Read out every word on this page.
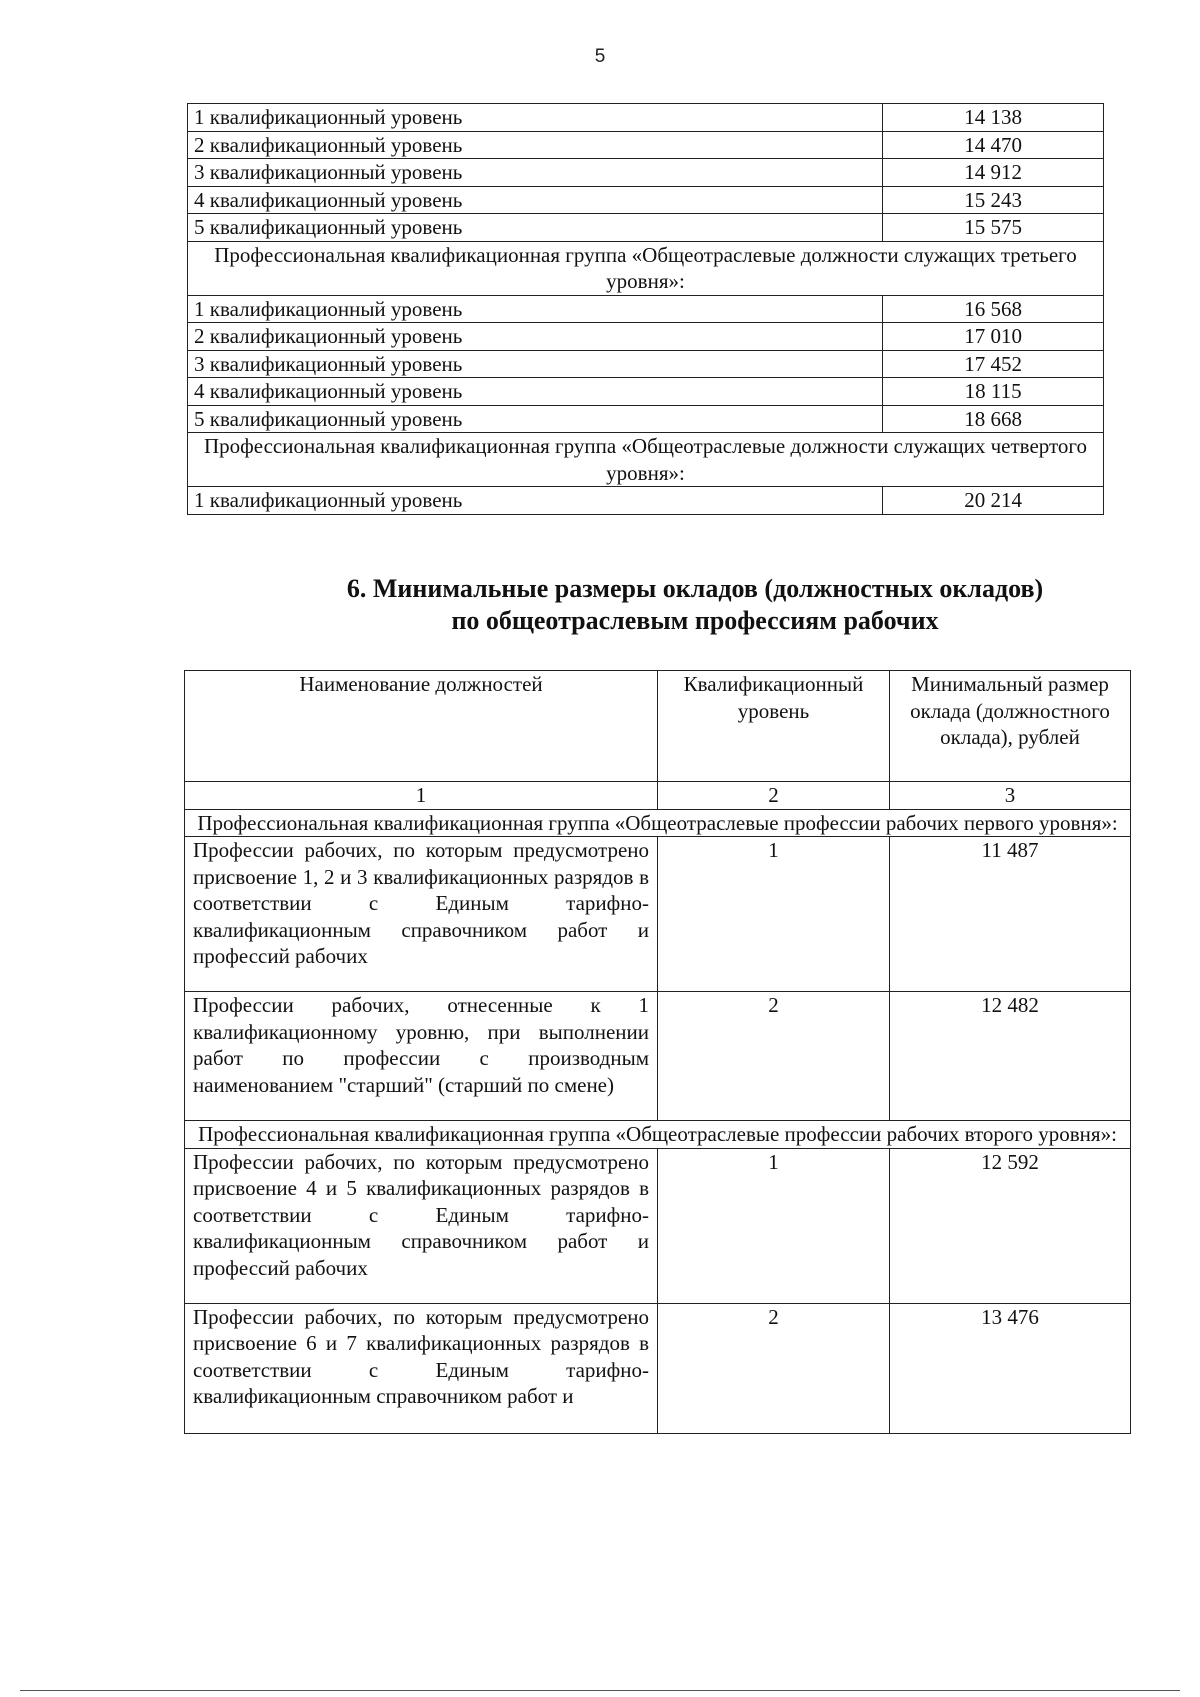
5
1 квалификационный уровень	14 138
2 квалификационный уровень	14 470
3 квалификационный уровень	14 912
4 квалификационный уровень	15 243
5 квалификационный уровень	15 575
Профессиональная квалификационная группа «Общеотраслевые должности служащих третьего уровня»:	
1 квалификационный уровень	16 568
2 квалификационный уровень	17 010
3 квалификационный уровень	17 452
4 квалификационный уровень	18 115
5 квалификационный уровень	18 668
Профессиональная квалификационная группа «Общеотраслевые должности служащих четвертого уровня»:	
1 квалификационный уровень	20 214
6. Минимальные размеры окладов (должностных окладов)
по общеотраслевым профессиям рабочих
Наименование должностей	Квалификационный уровень	Минимальный размер оклада (должностного оклада), рублей
1	2	3
Профессиональная квалификационная группа «Общеотраслевые профессии рабочих первого уровня»:		
Профессии рабочих, по которым предусмотрено присвоение 1, 2 и 3 квалификационных разрядов в соответствии с Единым тарифно-квалификационным справочником работ и профессий рабочих	1	11 487
Профессии рабочих, отнесенные к 1 квалификационному уровню, при выполнении работ по профессии с производным наименованием "старший" (старший по смене)	2	12 482
Профессиональная квалификационная группа «Общеотраслевые профессии рабочих второго уровня»:		
Профессии рабочих, по которым предусмотрено присвоение 4 и 5 квалификационных разрядов в соответствии с Единым тарифно-квалификационным справочником работ и профессий рабочих	1	12 592
Профессии рабочих, по которым предусмотрено присвоение 6 и 7 квалификационных разрядов в соответствии с Единым тарифно-квалификационным справочником работ и	2	13 476
